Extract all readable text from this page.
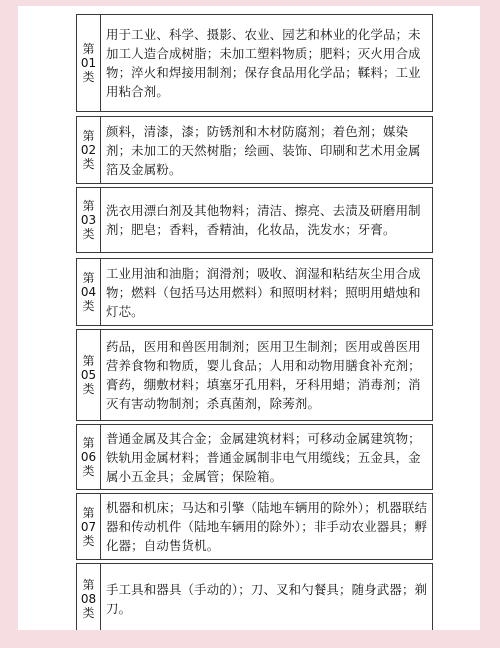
第
01
类

用于工业、科学、摄影、农业、园艺和林业的化学品；未加工人造合成树脂；未加工塑料物质；肥料；灭火用合成物；淬火和焊接用制剂；保存食品用化学品；鞣料；工业用粘合剂。

第
02
类

颜料，清漆，漆；防锈剂和木材防腐剂；着色剂；媒染剂；未加工的天然树脂；绘画、装饰、印刷和艺术用金属箔及金属粉。

第
03
类

洗衣用漂白剂及其他物料；清洁、擦亮、去渍及研磨用制剂；肥皂；香料，香精油，化妆品，洗发水；牙膏。

第
04
类

工业用油和油脂；润滑剂；吸收、润湿和粘结灰尘用合成物；燃料（包括马达用燃料）和照明材料；照明用蜡烛和灯芯。

第
05
类

药品，医用和兽医用制剂；医用卫生制剂；医用或兽医用营养食物和物质，婴儿食品；人用和动物用膳食补充剂；膏药，绷敷材料；填塞牙孔用料，牙科用蜡；消毒剂；消灭有害动物制剂；杀真菌剂，除莠剂。

第
06
类

普通金属及其合金；金属建筑材料；可移动金属建筑物；铁轨用金属材料；普通金属制非电气用缆线；五金具，金属小五金具；金属管；保险箱。

第
07
类

机器和机床；马达和引擎（陆地车辆用的除外）；机器联结器和传动机件（陆地车辆用的除外）；非手动农业器具；孵化器；自动售货机。

第
08
类

手工具和器具（手动的）；刀、叉和勺餐具；随身武器；剃刀。
